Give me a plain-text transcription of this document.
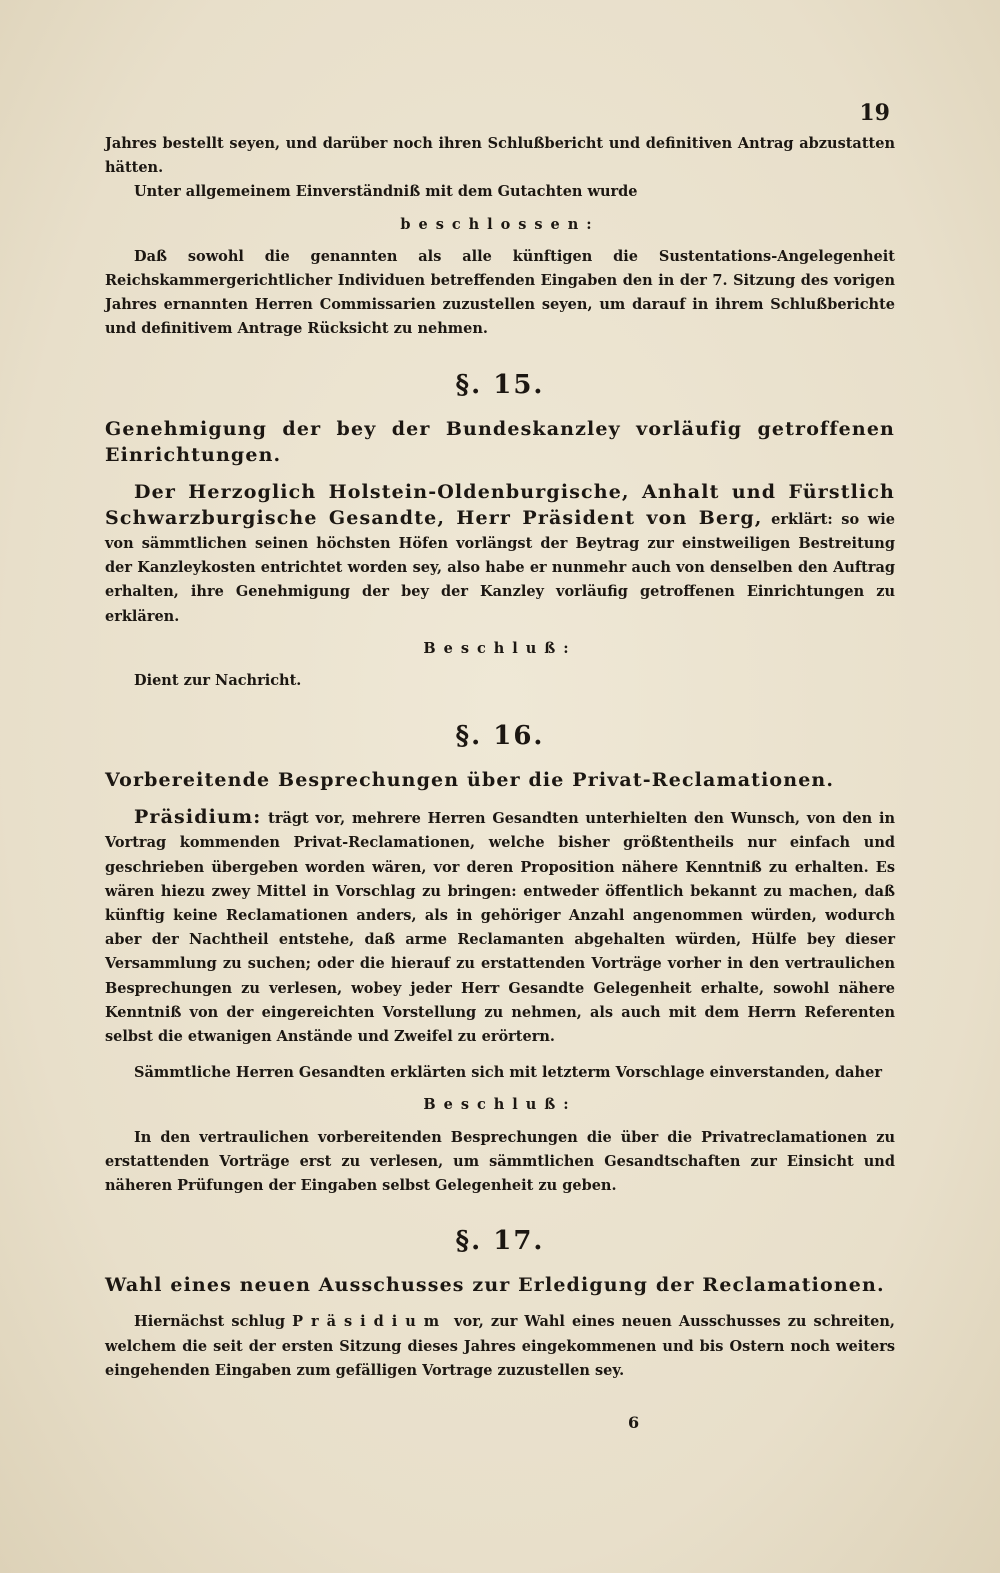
19

Jahres bestellt seyen, und darüber noch ihren Schlußbericht und definitiven Antrag abzustatten hätten.

Unter allgemeinem Einverständniß mit dem Gutachten wurde

beschlossen:

Daß sowohl die genannten als alle künftigen die Sustentations-Angelegenheit Reichskammergerichtlicher Individuen betreffenden Eingaben den in der 7. Sitzung des vorigen Jahres ernannten Herren Commissarien zuzustellen seyen, um darauf in ihrem Schlußberichte und definitivem Antrage Rücksicht zu nehmen.

§. 15.
Genehmigung der bey der Bundeskanzley vorläufig getroffenen Einrichtungen.

Der Herzoglich Holstein-Oldenburgische, Anhalt und Fürstlich Schwarzburgische Gesandte, Herr Präsident von Berg, erklärt: so wie von sämmtlichen seinen höchsten Höfen vorlängst der Beytrag zur einstweiligen Bestreitung der Kanzleykosten entrichtet worden sey, also habe er nunmehr auch von denselben den Auftrag erhalten, ihre Genehmigung der bey der Kanzley vorläufig getroffenen Einrichtungen zu erklären.

Beschluß:

Dient zur Nachricht.

§. 16.
Vorbereitende Besprechungen über die Privat-Reclamationen.

Präsidium: trägt vor, mehrere Herren Gesandten unterhielten den Wunsch, von den in Vortrag kommenden Privat-Reclamationen, welche bisher größtentheils nur einfach und geschrieben übergeben worden wären, vor deren Proposition nähere Kenntniß zu erhalten. Es wären hiezu zwey Mittel in Vorschlag zu bringen: entweder öffentlich bekannt zu machen, daß künftig keine Reclamationen anders, als in gehöriger Anzahl angenommen würden, wodurch aber der Nachtheil entstehe, daß arme Reclamanten abgehalten würden, Hülfe bey dieser Versammlung zu suchen; oder die hierauf zu erstattenden Vorträge vorher in den vertraulichen Besprechungen zu verlesen, wobey jeder Herr Gesandte Gelegenheit erhalte, sowohl nähere Kenntniß von der eingereichten Vorstellung zu nehmen, als auch mit dem Herrn Referenten selbst die etwanigen Anstände und Zweifel zu erörtern.

Sämmtliche Herren Gesandten erklärten sich mit letzterm Vorschlage einverstanden, daher

Beschluß:

In den vertraulichen vorbereitenden Besprechungen die über die Privatreclamationen zu erstattenden Vorträge erst zu verlesen, um sämmtlichen Gesandtschaften zur Einsicht und näheren Prüfungen der Eingaben selbst Gelegenheit zu geben.

§. 17.
Wahl eines neuen Ausschusses zur Erledigung der Reclamationen.

Hiernächst schlug Präsidium vor, zur Wahl eines neuen Ausschusses zu schreiten, welchem die seit der ersten Sitzung dieses Jahres eingekommenen und bis Ostern noch weiters eingehenden Eingaben zum gefälligen Vortrage zuzustellen sey.

6
